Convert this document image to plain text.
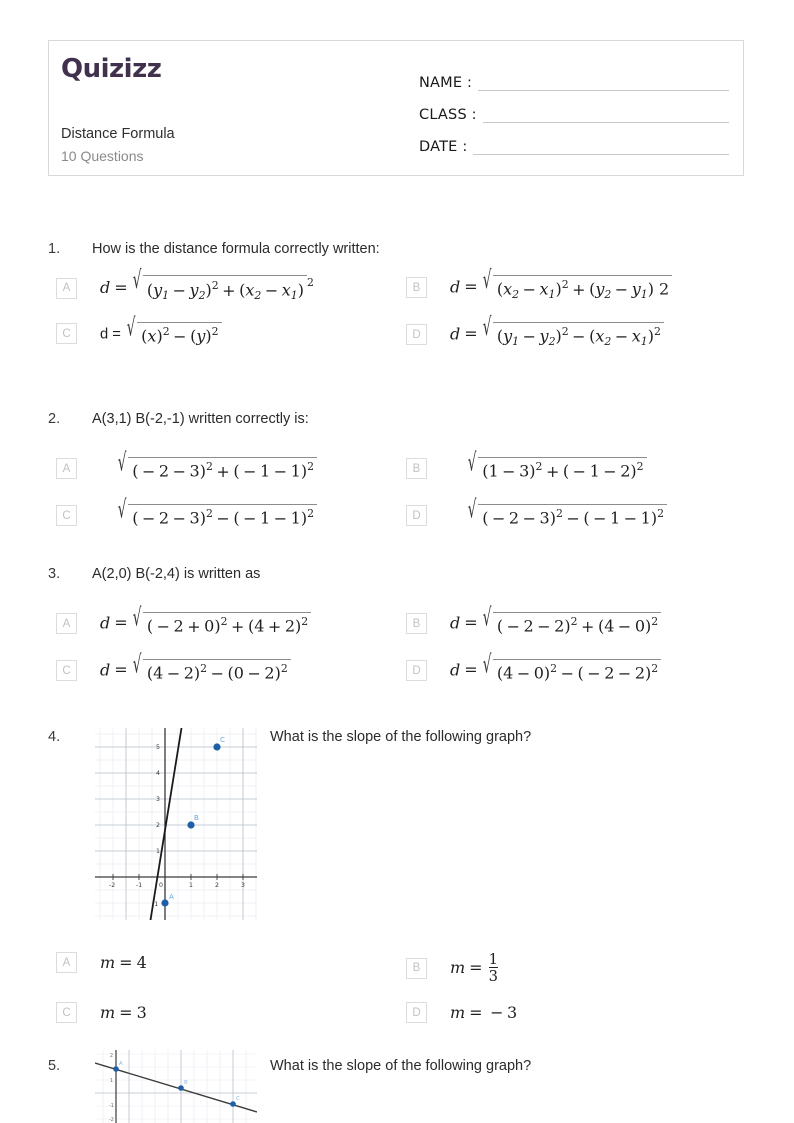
Quizizz
Distance Formula
10 Questions
NAME :
CLASS :
DATE :
1.	How is the distance formula correctly written:
A	d = √ $(y_1 - y_2)^2 + (x_2 - x_1)$ $^2$	B	d = √ $(x_2 - x_1)^2 + (y_2 - y_1)$ 2
C	d = √ $(x)^2 - (y)^2$	D	d = √ $(y_1 - y_2)^2 - (x_2 - x_1)^2$
2.	A(3,1) B(-2,-1) written correctly is:
A	√ ( − 2 − 3)$^2$ + ( − 1 − 1)$^2$	B	√ $(1 - 3)^2$ + ( − 1 − 2)$^2$
C	√ ( − 2 − 3)$^2$ − ( − 1 − 1)$^2$	D	√ ( − 2 − 3)$^2$ − ( − 1 − 1)$^2$
3.	A(2,0) B(-2,4) is written as
A	d = √ ( − $2 + 0)^2 + (4 + 2)^2$	B	d = √ ( − $2 - 2)^2 + (4 - 0)^2$
C	d = √ $(4 - 2)^2 - (0 - 2)^2$	D	d = √ $(4 - 0)^2$ − ( − 2 − 2)$^2$
4.	What is the slope of the following graph?
A
B
C
-2	-1	0	1	2	3
1
2
3
4
5
-1
A	m = 4	B	$m = \frac{1}{3}$
C	m = 3	D	m = − 3
5.	What is the slope of the following graph?
A
B
C
2
1
-1
-2
